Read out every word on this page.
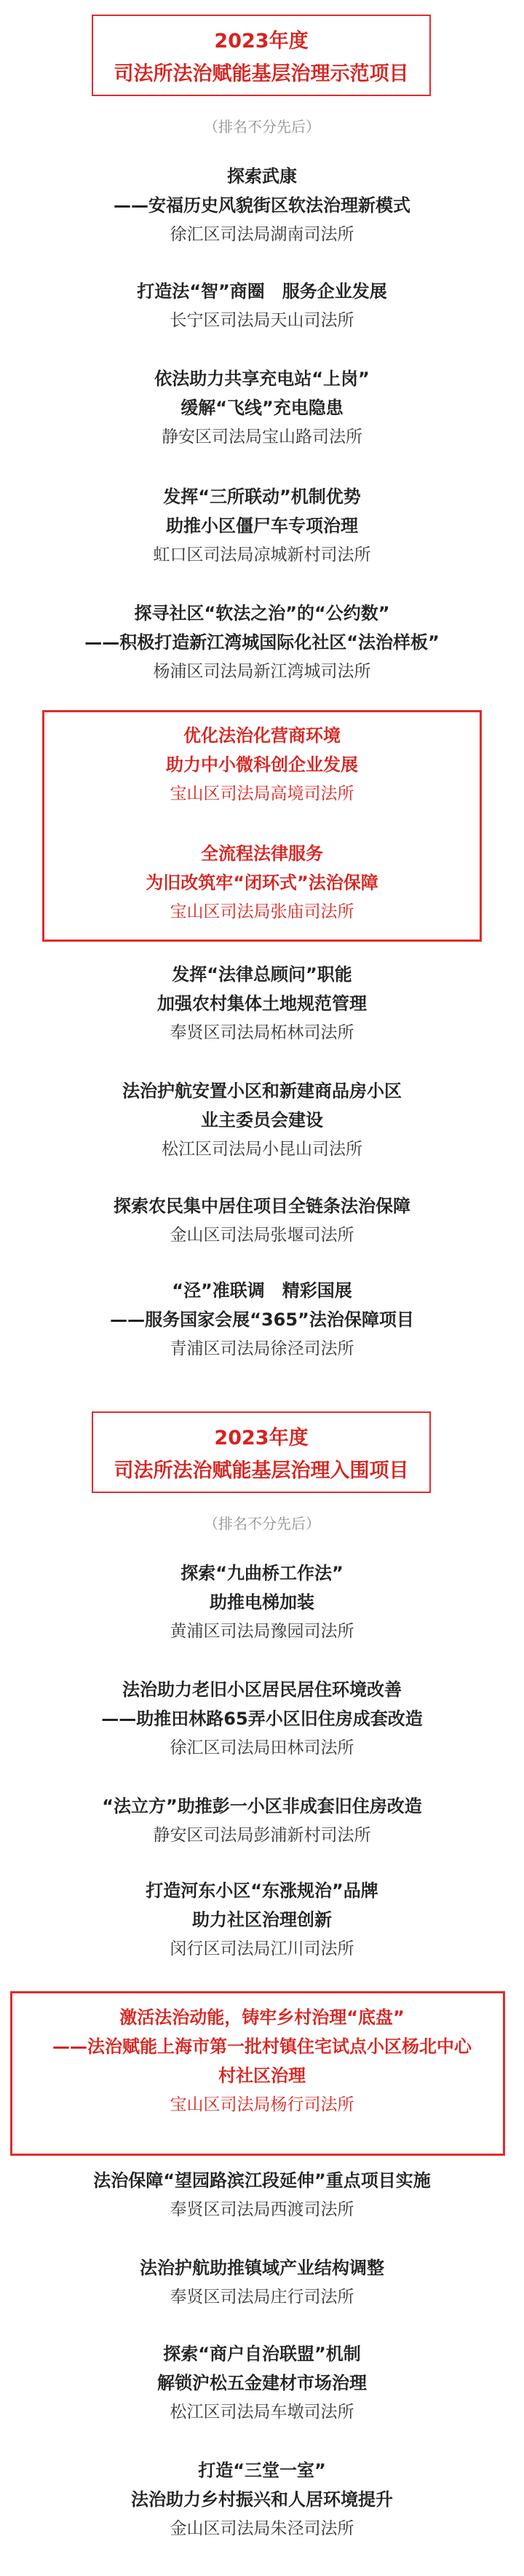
2023年度
司法所法治赋能基层治理示范项目
（排名不分先后）
探索武康
——安福历史风貌街区软法治理新模式
徐汇区司法局湖南司法所
打造法“智”商圈　服务企业发展
长宁区司法局天山司法所
依法助力共享充电站“上岗”
缓解“飞线”充电隐患
静安区司法局宝山路司法所
发挥“三所联动”机制优势
助推小区僵尸车专项治理
虹口区司法局凉城新村司法所
探寻社区“软法之治”的“公约数”
——积极打造新江湾城国际化社区“法治样板”
杨浦区司法局新江湾城司法所
优化法治化营商环境
助力中小微科创企业发展
宝山区司法局高境司法所
全流程法律服务
为旧改筑牢“闭环式”法治保障
宝山区司法局张庙司法所
发挥“法律总顾问”职能
加强农村集体土地规范管理
奉贤区司法局柘林司法所
法治护航安置小区和新建商品房小区
业主委员会建设
松江区司法局小昆山司法所
探索农民集中居住项目全链条法治保障
金山区司法局张堰司法所
“泾”准联调　精彩国展
——服务国家会展“365”法治保障项目
青浦区司法局徐泾司法所
2023年度
司法所法治赋能基层治理入围项目
（排名不分先后）
探索“九曲桥工作法”
助推电梯加装
黄浦区司法局豫园司法所
法治助力老旧小区居民居住环境改善
——助推田林路65弄小区旧住房成套改造
徐汇区司法局田林司法所
“法立方”助推彭一小区非成套旧住房改造
静安区司法局彭浦新村司法所
打造河东小区“东涨规治”品牌
助力社区治理创新
闵行区司法局江川司法所
激活法治动能，铸牢乡村治理“底盘”
——法治赋能上海市第一批村镇住宅试点小区杨北中心
村社区治理
宝山区司法局杨行司法所
法治保障“望园路滨江段延伸”重点项目实施
奉贤区司法局西渡司法所
法治护航助推镇域产业结构调整
奉贤区司法局庄行司法所
探索“商户自治联盟”机制
解锁沪松五金建材市场治理
松江区司法局车墩司法所
打造“三堂一室”
法治助力乡村振兴和人居环境提升
金山区司法局朱泾司法所
